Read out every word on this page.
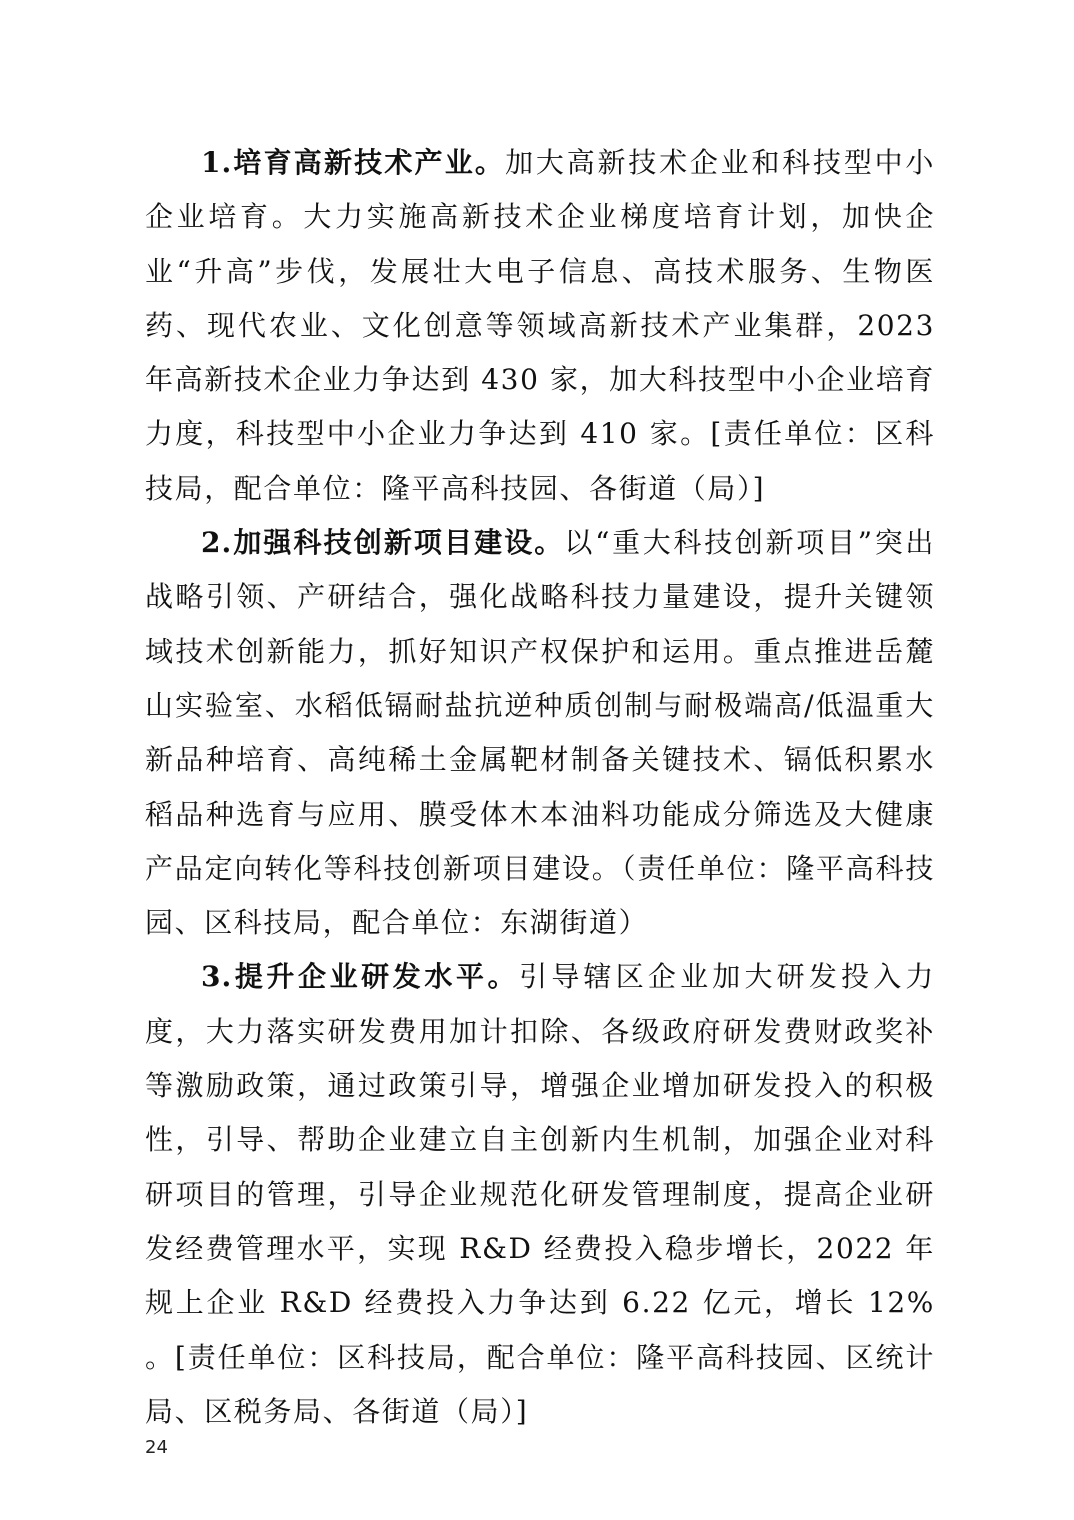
1.培育高新技术产业。加大高新技术企业和科技型中小企业培育。大力实施高新技术企业梯度培育计划，加快企业“升高”步伐，发展壮大电子信息、高技术服务、生物医药、现代农业、文化创意等领域高新技术产业集群，2023 年高新技术企业力争达到 430 家，加大科技型中小企业培育力度，科技型中小企业力争达到 410 家。[责任单位：区科技局，配合单位：隆平高科技园、各街道（局）]

2.加强科技创新项目建设。以“重大科技创新项目”突出战略引领、产研结合，强化战略科技力量建设，提升关键领域技术创新能力，抓好知识产权保护和运用。重点推进岳麓山实验室、水稻低镉耐盐抗逆种质创制与耐极端高/低温重大新品种培育、高纯稀土金属靶材制备关键技术、镉低积累水稻品种选育与应用、膜受体木本油料功能成分筛选及大健康产品定向转化等科技创新项目建设。（责任单位：隆平高科技园、区科技局，配合单位：东湖街道）

3.提升企业研发水平。引导辖区企业加大研发投入力度，大力落实研发费用加计扣除、各级政府研发费财政奖补等激励政策，通过政策引导，增强企业增加研发投入的积极性，引导、帮助企业建立自主创新内生机制，加强企业对科研项目的管理，引导企业规范化研发管理制度，提高企业研发经费管理水平，实现 R&D 经费投入稳步增长，2022 年规上企业 R&D 经费投入力争达到 6.22 亿元，增长 12% 。[责任单位：区科技局，配合单位：隆平高科技园、区统计局、区税务局、各街道（局）]

24
